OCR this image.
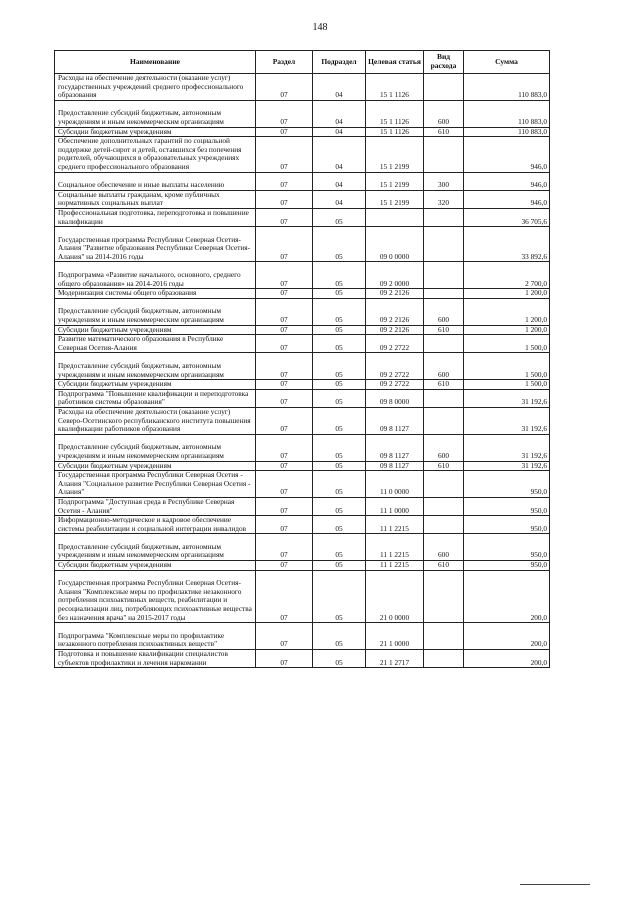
148
Наименование	Раздел	Подраздел	Целевая статья	Вид расхода	Сумма
Расходы на обеспечение деятельности (оказание услуг) государственных учреждений среднего профессионального образования	07	04	15 1 1126		110 883,0

Предоставление субсидий бюджетным, автономным учреждениям и иным некоммерческим организациям	07	04	15 1 1126	600	110 883,0
Субсидии бюджетным учреждениям	07	04	15 1 1126	610	110 883,0
Обеспечение дополнительных гарантий по социальной поддержке детей-сирот и детей, оставшихся без попечения родителей, обучающихся в образовательных учреждениях среднего профессионального образования	07	04	15 1 2199		946,0

Социальное обеспечение и иные выплаты населению	07	04	15 1 2199	300	946,0
Социальные выплаты гражданам, кроме публичных нормативных социальных выплат	07	04	15 1 2199	320	946,0
Профессиональная подготовка, переподготовка и повышение квалификации	07	05			36 705,6

Государственная программа Республики Северная Осетия-Алания "Развитие образования Республики Северная Осетия-Алания" на 2014-2016 годы	07	05	09 0 0000		33 892,6

Подпрограмма «Развитие начального, основного, среднего общего образования» на 2014-2016 годы	07	05	09 2 0000		2 700,0
Модернизация системы общего образования	07	05	09 2 2126		1 200,0

Предоставление субсидий бюджетным, автономным учреждениям и иным некоммерческим организациям	07	05	09 2 2126	600	1 200,0
Субсидии бюджетным учреждениям	07	05	09 2 2126	610	1 200,0
Развитие математического образования в Республике Северная Осетия-Алания	07	05	09 2 2722		1 500,0

Предоставление субсидий бюджетным, автономным учреждениям и иным некоммерческим организациям	07	05	09 2 2722	600	1 500,0
Субсидии бюджетным учреждениям	07	05	09 2 2722	610	1 500,0
Подпрограмма "Повышение квалификации и переподготовка работников системы образования"	07	05	09 8 0000		31 192,6
Расходы на обеспечение деятельности (оказание услуг) Северо-Осетинского республиканского института повышения квалификации работников образования	07	05	09 8 1127		31 192,6

Предоставление субсидий бюджетным, автономным учреждениям и иным некоммерческим организациям	07	05	09 8 1127	600	31 192,6
Субсидии бюджетным учреждениям	07	05	09 8 1127	610	31 192,6
Государственная программа Республики Северная Осетия - Алания "Социальное развитие Республики Северная Осетия - Алания"	07	05	11 0 0000		950,0
Подпрограмма "Доступная среда в Республике Северная Осетия - Алания"	07	05	11 1 0000		950,0
Информационно-методическое и кадровое обеспечение системы реабилитации и социальной интеграции инвалидов	07	05	11 1 2215		950,0

Предоставление субсидий бюджетным, автономным учреждениям и иным некоммерческим организациям	07	05	11 1 2215	600	950,0
Субсидии бюджетным учреждениям	07	05	11 1 2215	610	950,0

Государственная программа Республики Северная Осетия-Алания "Комплексные меры по профилактике незаконного потребления психоактивных веществ, реабилитации и ресоциализации лиц, потребляющих психоактивные вещества без назначения врача" на 2015-2017 годы	07	05	21 0 0000		200,0

Подпрограмма "Комплексные меры по профилактике незаконного потребления психоактивных веществ"	07	05	21 1 0000		200,0
Подготовка и повышение квалификации специалистов субъектов профилактики и лечения наркомании	07	05	21 1 2717		200,0
